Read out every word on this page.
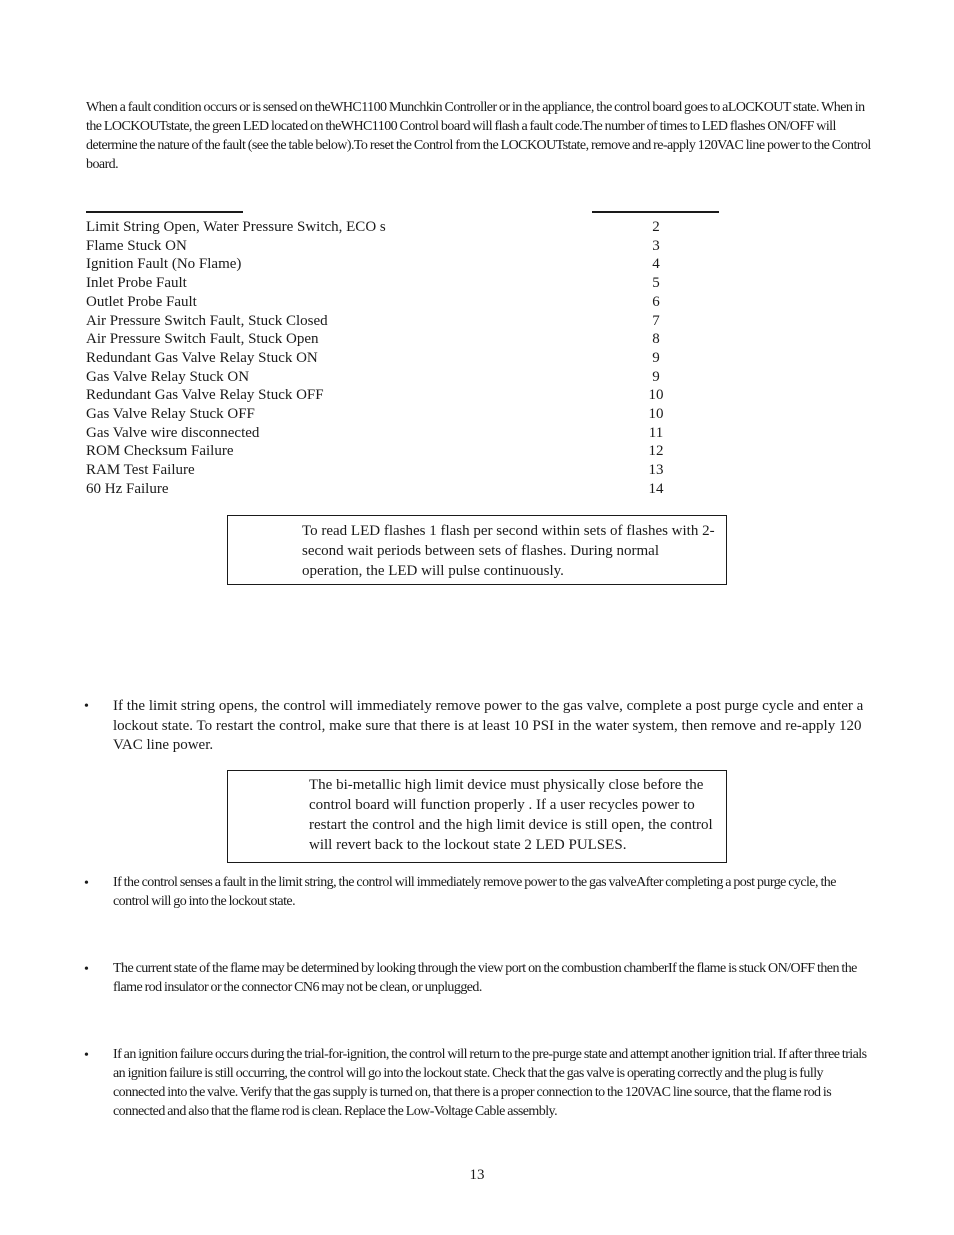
When a fault condition occurs or is sensed on theWHC1100 Munchkin Controller or in the appliance, the control board goes to aLOCKOUT state. When in the LOCKOUTstate, the green LED located on theWHC1100 Control board will flash a fault code.The number of times to LED flashes ON/OFF will determine the nature of the fault (see the table below).To reset the Control from the LOCKOUTstate, remove and re-apply 120VAC line power to the Control board.

Limit String Open, Water Pressure Switch, ECO s	2
Flame Stuck ON	3
Ignition Fault (No Flame)	4
Inlet Probe Fault	5
Outlet Probe Fault	6
Air Pressure Switch Fault, Stuck Closed	7
Air Pressure Switch Fault, Stuck Open	8
Redundant Gas Valve Relay Stuck ON	9
Gas Valve Relay Stuck ON	9
Redundant Gas Valve Relay Stuck OFF	10
Gas Valve Relay Stuck OFF	10
Gas Valve wire disconnected	11
ROM Checksum Failure	12
RAM Test Failure	13
60 Hz Failure	14

To read LED flashes 1 flash per second within sets of flashes with 2-second wait periods between sets of flashes. During normal operation, the LED will pulse continuously.

• If the limit string opens, the control will immediately remove power to the gas valve, complete a post purge cycle and enter a lockout state. To restart the control, make sure that there is at least 10 PSI in the water system, then remove and re-apply 120 VAC line power.

The bi-metallic high limit device must physically close before the control board will function properly . If a user recycles power to restart the control and the high limit device is still open, the control will revert back to the lockout state 2 LED PULSES.

• If the control senses a fault in the limit string, the control will immediately remove power to the gas valveAfter completing a post purge cycle, the control will go into the lockout state.

• The current state of the flame may be determined by looking through the view port on the combustion chamberIf the flame is stuck ON/OFF then the flame rod insulator or the connector CN6 may not be clean, or unplugged.

• If an ignition failure occurs during the trial-for-ignition, the control will return to the pre-purge state and attempt another ignition trial. If after three trials an ignition failure is still occurring, the control will go into the lockout state. Check that the gas valve is operating correctly and the plug is fully connected into the valve. Verify that the gas supply is turned on, that there is a proper connection to the 120VAC line source, that the flame rod is connected and also that the flame rod is clean. Replace the Low-Voltage Cable assembly.

13
